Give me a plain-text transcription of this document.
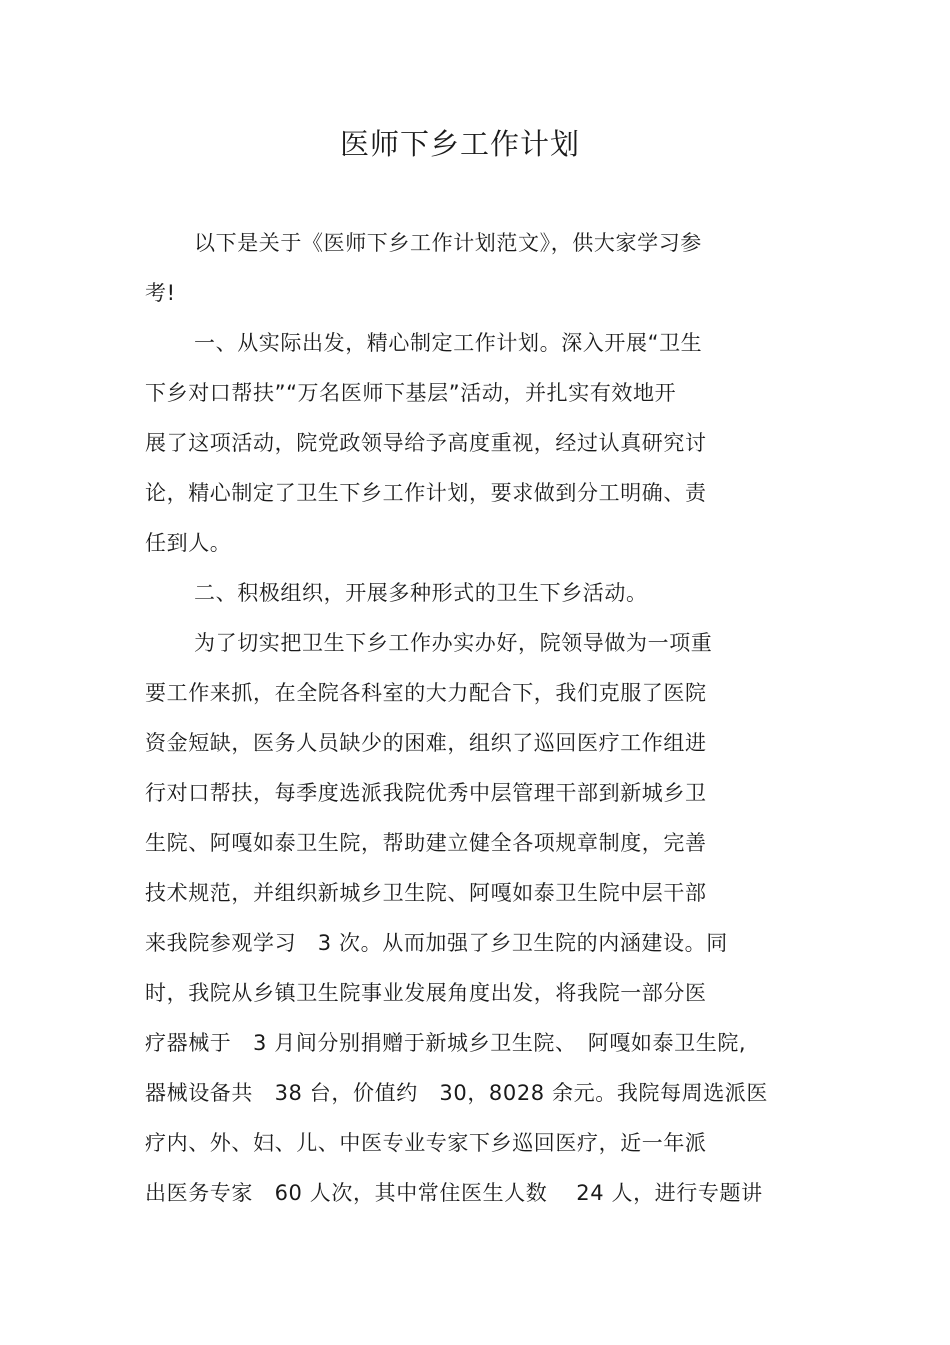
医师下乡工作计划
以下是关于《医师下乡工作计划范文》，供大家学习参
考!
一、从实际出发，精心制定工作计划。深入开展“卫生
下乡对口帮扶”“万名医师下基层”活动，并扎实有效地开
展了这项活动，院党政领导给予高度重视，经过认真研究讨
论，精心制定了卫生下乡工作计划，要求做到分工明确、责
任到人。
二、积极组织，开展多种形式的卫生下乡活动。
为了切实把卫生下乡工作办实办好，院领导做为一项重
要工作来抓，在全院各科室的大力配合下，我们克服了医院
资金短缺，医务人员缺少的困难，组织了巡回医疗工作组进
行对口帮扶，每季度选派我院优秀中层管理干部到新城乡卫
生院、阿嘎如泰卫生院，帮助建立健全各项规章制度，完善
技术规范，并组织新城乡卫生院、阿嘎如泰卫生院中层干部
来我院参观学习　3 次。从而加强了乡卫生院的内涵建设。同
时，我院从乡镇卫生院事业发展角度出发，将我院一部分医
疗器械于　3 月间分别捐赠于新城乡卫生院、　阿嘎如泰卫生院,
器械设备共　38 台，价值约　30，8028 余元。我院每周选派医
疗内、外、妇、儿、中医专业专家下乡巡回医疗，近一年派
出医务专家　60 人次，其中常住医生人数　 24 人，进行专题讲
